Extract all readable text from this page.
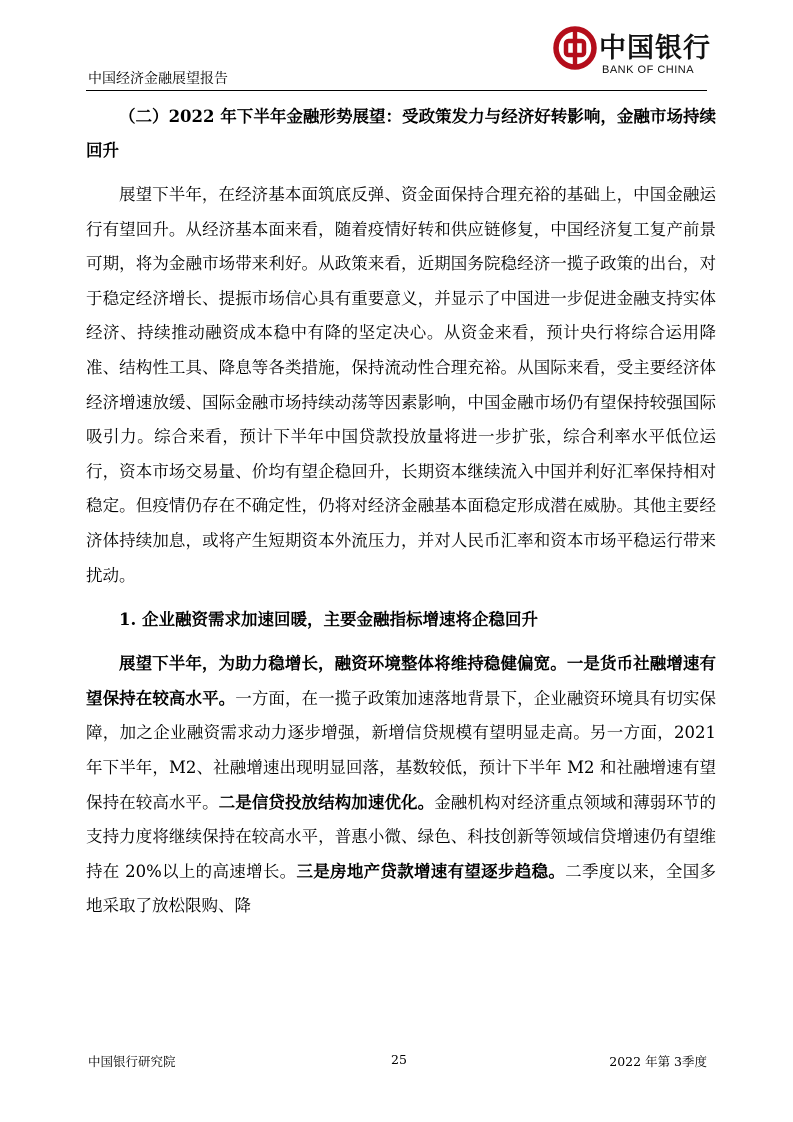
中国经济金融展望报告
中国银行
BANK OF CHINA

（二）2022 年下半年金融形势展望：受政策发力与经济好转影响，金融市场持续回升

展望下半年，在经济基本面筑底反弹、资金面保持合理充裕的基础上，中国金融运行有望回升。从经济基本面来看，随着疫情好转和供应链修复，中国经济复工复产前景可期，将为金融市场带来利好。从政策来看，近期国务院稳经济一揽子政策的出台，对于稳定经济增长、提振市场信心具有重要意义，并显示了中国进一步促进金融支持实体经济、持续推动融资成本稳中有降的坚定决心。从资金来看，预计央行将综合运用降准、结构性工具、降息等各类措施，保持流动性合理充裕。从国际来看，受主要经济体经济增速放缓、国际金融市场持续动荡等因素影响，中国金融市场仍有望保持较强国际吸引力。综合来看，预计下半年中国贷款投放量将进一步扩张，综合利率水平低位运行，资本市场交易量、价均有望企稳回升，长期资本继续流入中国并利好汇率保持相对稳定。但疫情仍存在不确定性，仍将对经济金融基本面稳定形成潜在威胁。其他主要经济体持续加息，或将产生短期资本外流压力，并对人民币汇率和资本市场平稳运行带来扰动。

1. 企业融资需求加速回暖，主要金融指标增速将企稳回升

展望下半年，为助力稳增长，融资环境整体将维持稳健偏宽。一是货币社融增速有望保持在较高水平。一方面，在一揽子政策加速落地背景下，企业融资环境具有切实保障，加之企业融资需求动力逐步增强，新增信贷规模有望明显走高。另一方面，2021 年下半年，M2、社融增速出现明显回落，基数较低，预计下半年 M2 和社融增速有望保持在较高水平。二是信贷投放结构加速优化。金融机构对经济重点领域和薄弱环节的支持力度将继续保持在较高水平，普惠小微、绿色、科技创新等领域信贷增速仍有望维持在 20%以上的高速增长。三是房地产贷款增速有望逐步趋稳。二季度以来，全国多地采取了放松限购、降

中国银行研究院	25	2022 年第 3季度
